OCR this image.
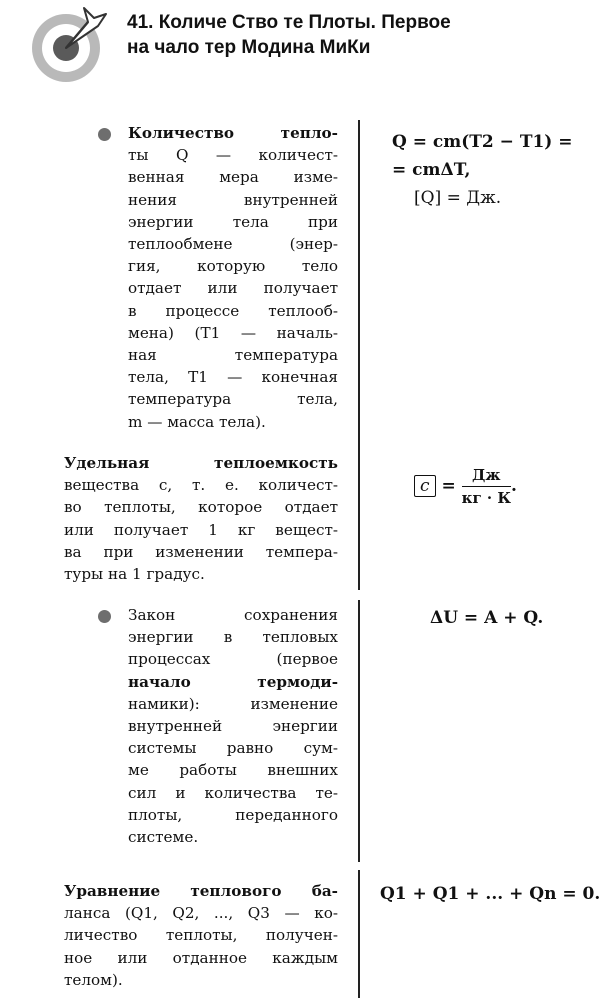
41. Количе Ство те Плоты. Первое
на чало тер Модина МиКи
Количество тепло-
ты Q — количест-
венная мера изме-
нения внутренней
энергии тела при
теплообмене (энер-
гия, которую тело
отдает или получает
в процессе теплооб-
мена) (T1 — началь-
ная температура
тела, T1 — конечная
температура тела,
m — масса тела).
Q = cm(T2 − T1) =
= cmΔT,
[Q] = Дж.
Удельная теплоемкость
вещества c, т. е. количест-
во теплоты, которое отдает
или получает 1 кг вещест-
ва при изменении темпера-
туры на 1 градус.
$c = \frac{Дж}{кг \cdot К}$ .
Закон сохранения
энергии в тепловых
процессах (первое
начало термоди-
намики): изменение
внутренней энергии
системы равно сум-
ме работы внешних
сил и количества те-
плоты, переданного
системе.
ΔU = A + Q.
Уравнение теплового ба-
ланса (Q1, Q2, ..., Q3 — ко-
личество теплоты, получен-
ное или отданное каждым
телом).
Q1 + Q1 + ... + Qn = 0.
